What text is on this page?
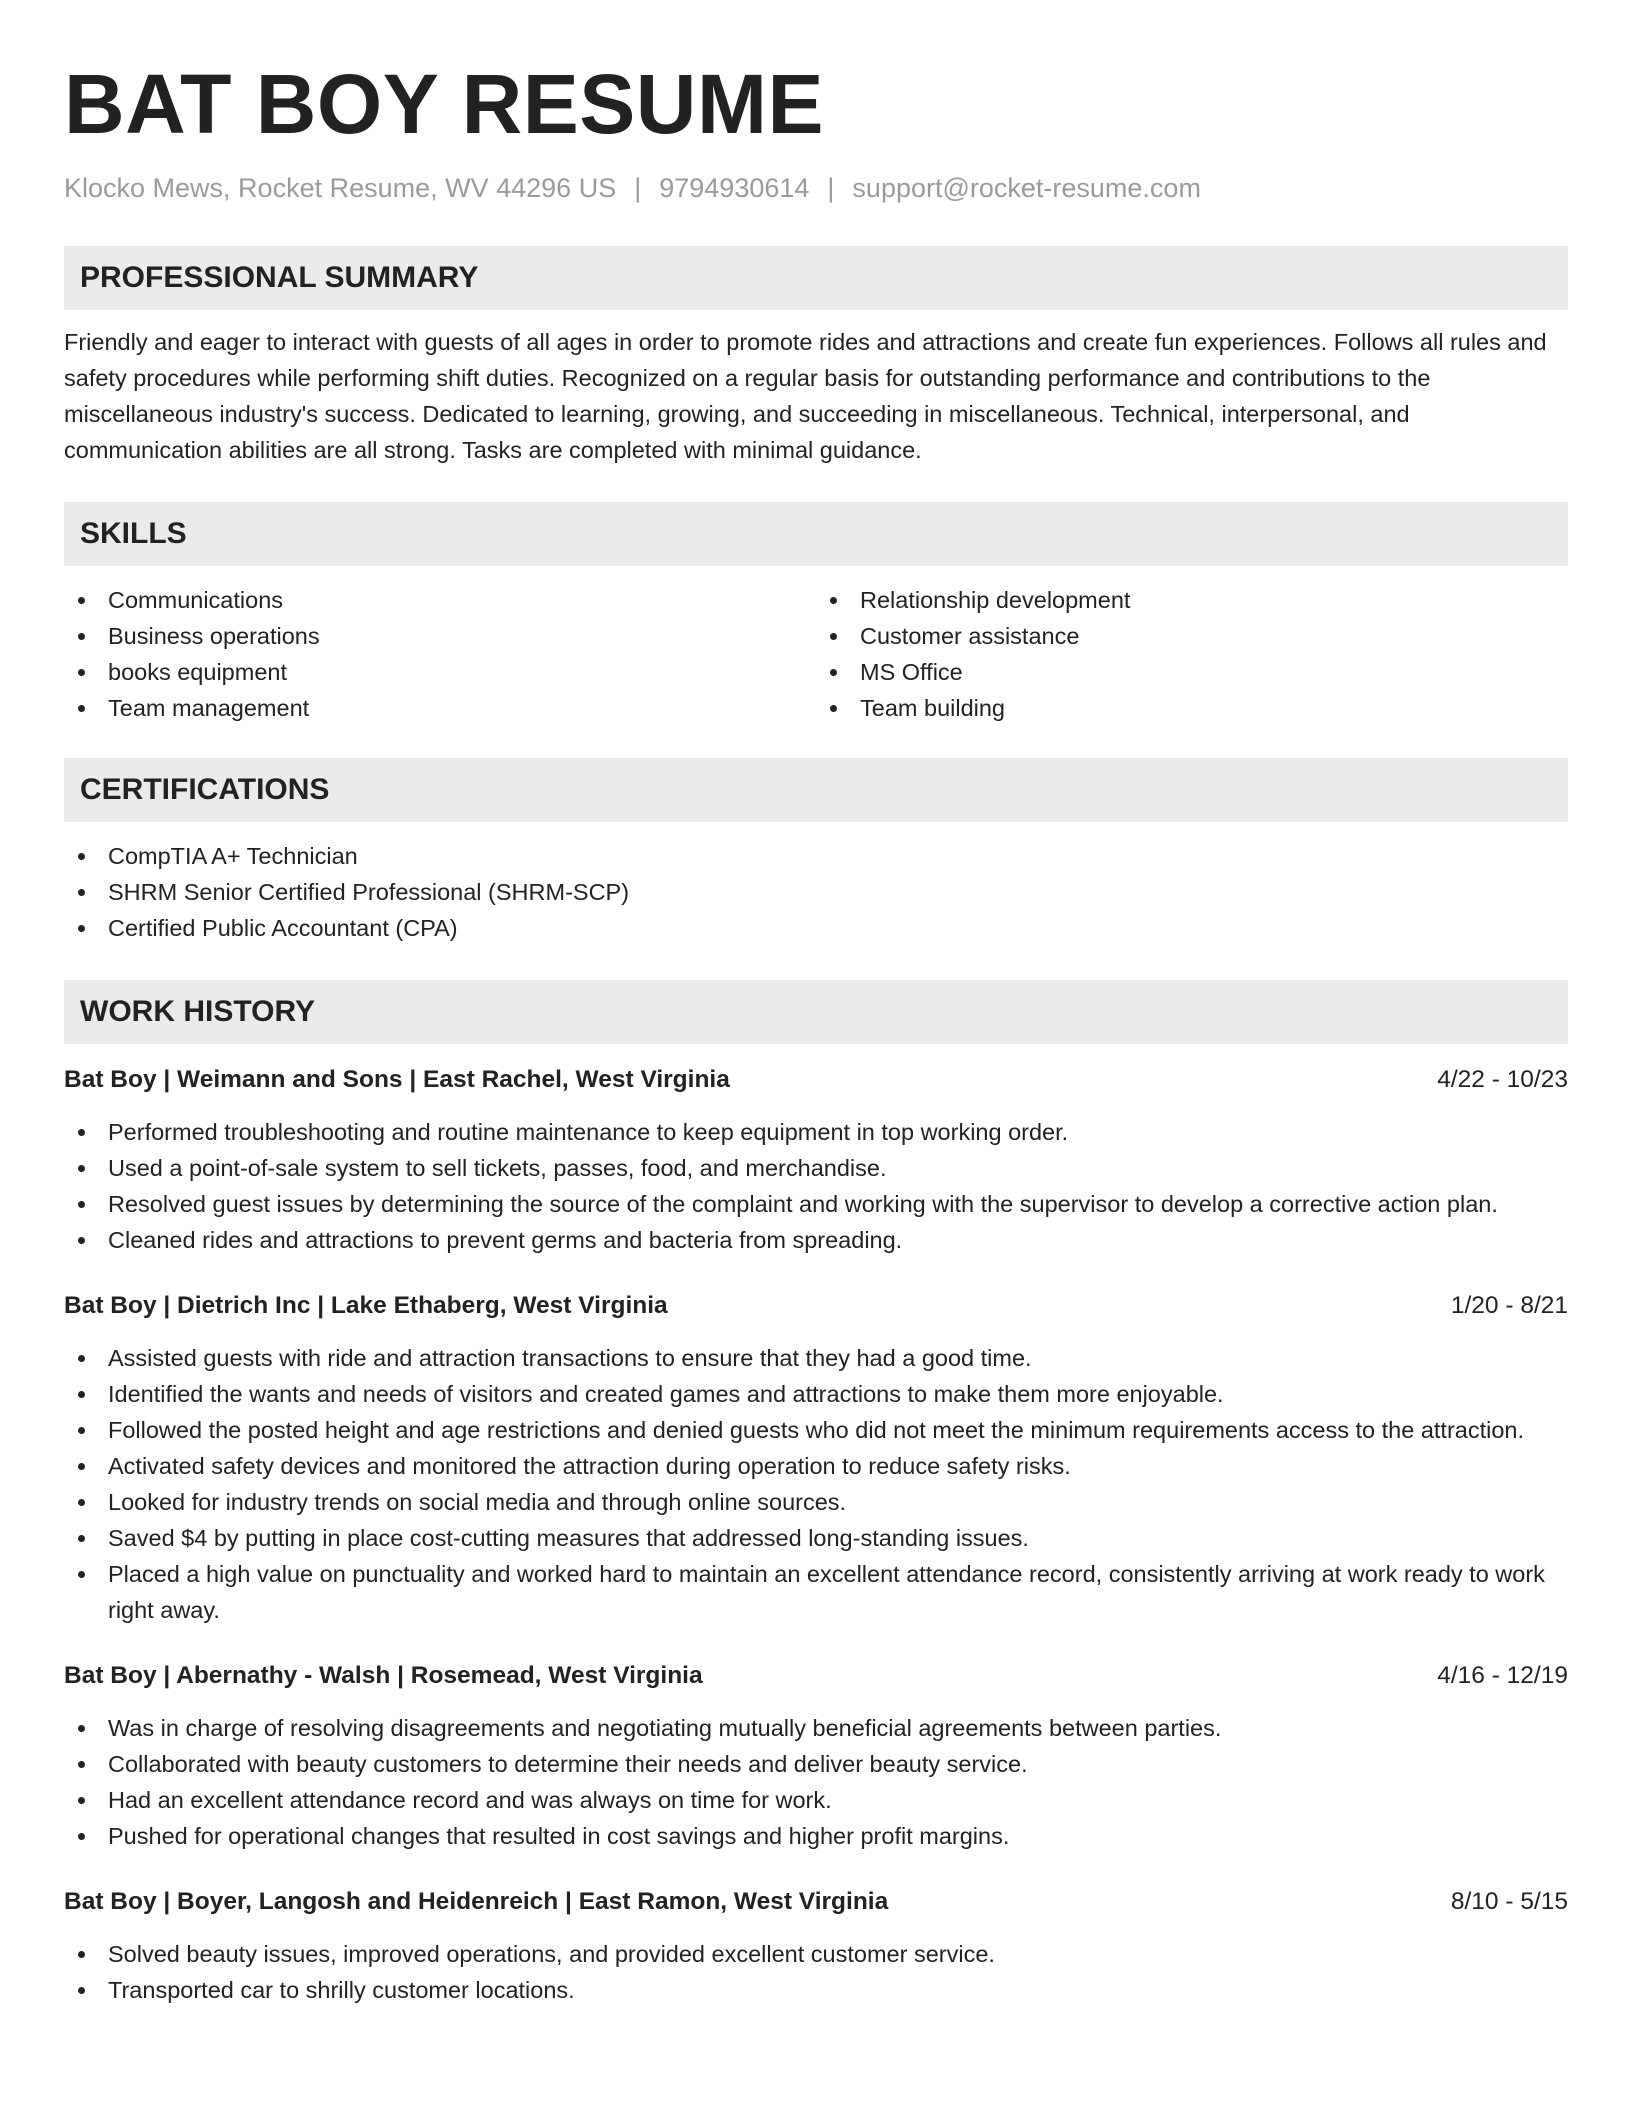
BAT BOY RESUME
Klocko Mews, Rocket Resume, WV 44296 US | 9794930614 | support@rocket-resume.com
PROFESSIONAL SUMMARY
Friendly and eager to interact with guests of all ages in order to promote rides and attractions and create fun experiences. Follows all rules and safety procedures while performing shift duties. Recognized on a regular basis for outstanding performance and contributions to the miscellaneous industry's success. Dedicated to learning, growing, and succeeding in miscellaneous. Technical, interpersonal, and communication abilities are all strong. Tasks are completed with minimal guidance.
SKILLS
Communications
Business operations
books equipment
Team management
Relationship development
Customer assistance
MS Office
Team building
CERTIFICATIONS
CompTIA A+ Technician
SHRM Senior Certified Professional (SHRM-SCP)
Certified Public Accountant (CPA)
WORK HISTORY
Bat Boy | Weimann and Sons | East Rachel, West Virginia	4/22 - 10/23
Performed troubleshooting and routine maintenance to keep equipment in top working order.
Used a point-of-sale system to sell tickets, passes, food, and merchandise.
Resolved guest issues by determining the source of the complaint and working with the supervisor to develop a corrective action plan.
Cleaned rides and attractions to prevent germs and bacteria from spreading.
Bat Boy | Dietrich Inc | Lake Ethaberg, West Virginia	1/20 - 8/21
Assisted guests with ride and attraction transactions to ensure that they had a good time.
Identified the wants and needs of visitors and created games and attractions to make them more enjoyable.
Followed the posted height and age restrictions and denied guests who did not meet the minimum requirements access to the attraction.
Activated safety devices and monitored the attraction during operation to reduce safety risks.
Looked for industry trends on social media and through online sources.
Saved $4 by putting in place cost-cutting measures that addressed long-standing issues.
Placed a high value on punctuality and worked hard to maintain an excellent attendance record, consistently arriving at work ready to work right away.
Bat Boy | Abernathy - Walsh | Rosemead, West Virginia	4/16 - 12/19
Was in charge of resolving disagreements and negotiating mutually beneficial agreements between parties.
Collaborated with beauty customers to determine their needs and deliver beauty service.
Had an excellent attendance record and was always on time for work.
Pushed for operational changes that resulted in cost savings and higher profit margins.
Bat Boy | Boyer, Langosh and Heidenreich | East Ramon, West Virginia	8/10 - 5/15
Solved beauty issues, improved operations, and provided excellent customer service.
Transported car to shrilly customer locations.
